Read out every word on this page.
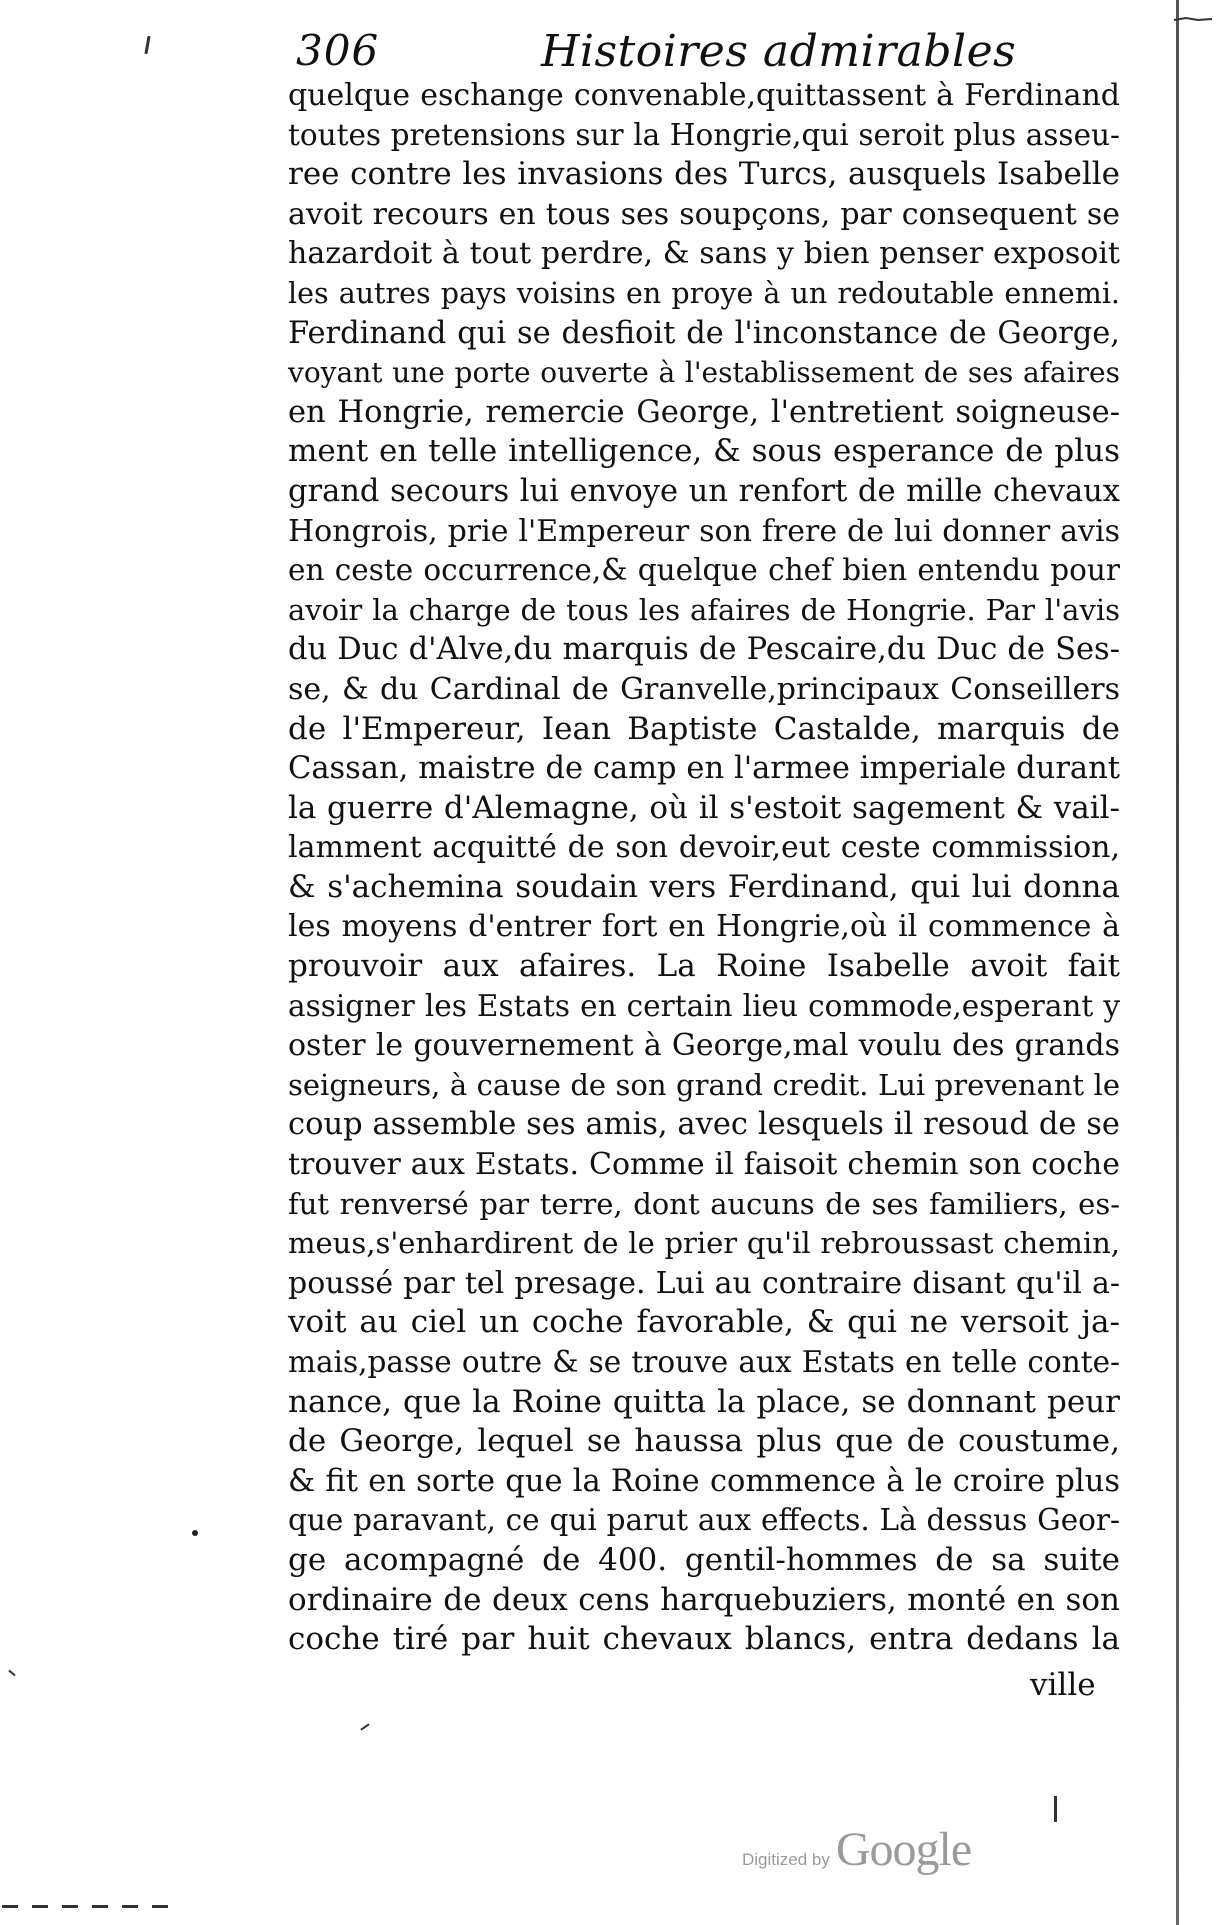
306	Histoires admirables
quelque eschange convenable,quittassent à Ferdinand
toutes pretensions sur la Hongrie,qui seroit plus asseu-
ree contre les invasions des Turcs, ausquels Isabelle
avoit recours en tous ses soupçons, par consequent se
hazardoit à tout perdre, & sans y bien penser exposoit
les autres pays voisins en proye à un redoutable ennemi.
Ferdinand qui se desfioit de l'inconstance de George,
voyant une porte ouverte à l'establissement de ses afaires
en Hongrie, remercie George, l'entretient soigneuse-
ment en telle intelligence, & sous esperance de plus
grand secours lui envoye un renfort de mille chevaux
Hongrois, prie l'Empereur son frere de lui donner avis
en ceste occurrence,& quelque chef bien entendu pour
avoir la charge de tous les afaires de Hongrie. Par l'avis
du Duc d'Alve,du marquis de Pescaire,du Duc de Ses-
se, & du Cardinal de Granvelle,principaux Conseillers
de l'Empereur, Iean Baptiste Castalde, marquis de
Cassan, maistre de camp en l'armee imperiale durant
la guerre d'Alemagne, où il s'estoit sagement & vail-
lamment acquitté de son devoir,eut ceste commission,
& s'achemina soudain vers Ferdinand, qui lui donna
les moyens d'entrer fort en Hongrie,où il commence à
prouvoir aux afaires. La Roine Isabelle avoit fait
assigner les Estats en certain lieu commode,esperant y
oster le gouvernement à George,mal voulu des grands
seigneurs, à cause de son grand credit. Lui prevenant le
coup assemble ses amis, avec lesquels il resoud de se
trouver aux Estats. Comme il faisoit chemin son coche
fut renversé par terre, dont aucuns de ses familiers, es-
meus,s'enhardirent de le prier qu'il rebroussast chemin,
poussé par tel presage. Lui au contraire disant qu'il a-
voit au ciel un coche favorable, & qui ne versoit ja-
mais,passe outre & se trouve aux Estats en telle conte-
nance, que la Roine quitta la place, se donnant peur
de George, lequel se haussa plus que de coustume,
& fit en sorte que la Roine commence à le croire plus
que paravant, ce qui parut aux effects. Là dessus Geor-
ge acompagné de 400. gentil-hommes de sa suite
ordinaire de deux cens harquebuziers, monté en son
coche tiré par huit chevaux blancs, entra dedans la
ville
Digitized by Google
